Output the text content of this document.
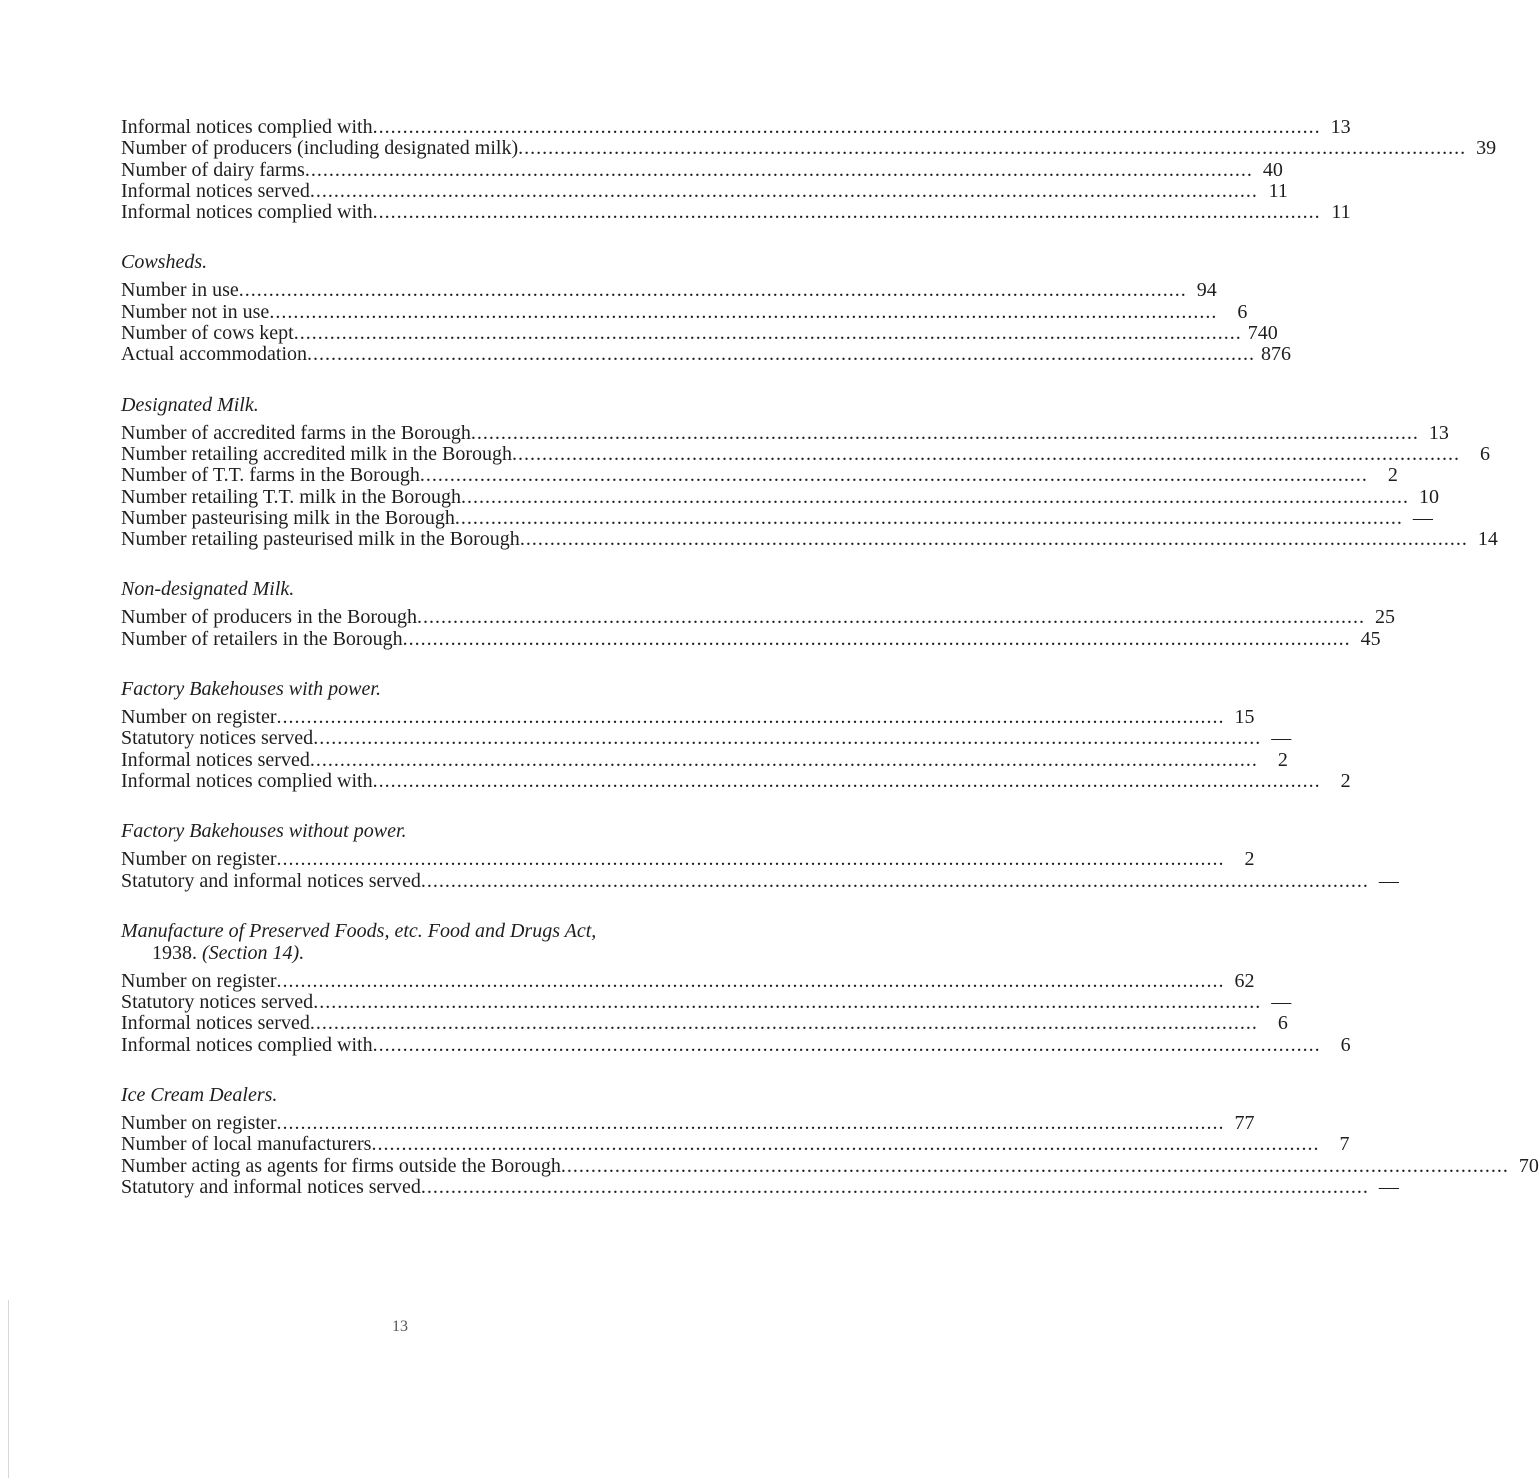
Informal notices complied with .....	13
Number of producers (including designated milk) .....	39
Number of dairy farms .....	40
Informal notices served .....	11
Informal notices complied with .....	11
Cowsheds.
Number in use .....	94
Number not in use .....	6
Number of cows kept .....	740
Actual accommodation .....	876
Designated Milk.
Number of accredited farms in the Borough .....	13
Number retailing accredited milk in the Borough .....	6
Number of T.T. farms in the Borough .....	2
Number retailing T.T. milk in the Borough .....	10
Number pasteurising milk in the Borough .....	—
Number retailing pasteurised milk in the Borough .....	14
Non-designated Milk.
Number of producers in the Borough .....	25
Number of retailers in the Borough .....	45
Factory Bakehouses with power.
Number on register .....	15
Statutory notices served .....	—
Informal notices served .....	2
Informal notices complied with .....	2
Factory Bakehouses without power.
Number on register .....	2
Statutory and informal notices served .....	—
Manufacture of Preserved Foods, etc. Food and Drugs Act,
1938. (Section 14).
Number on register .....	62
Statutory notices served .....	—
Informal notices served .....	6
Informal notices complied with .....	6
Ice Cream Dealers.
Number on register .....	77
Number of local manufacturers .....	7
Number acting as agents for firms outside the Borough .....	70
Statutory and informal notices served .....	—
13
